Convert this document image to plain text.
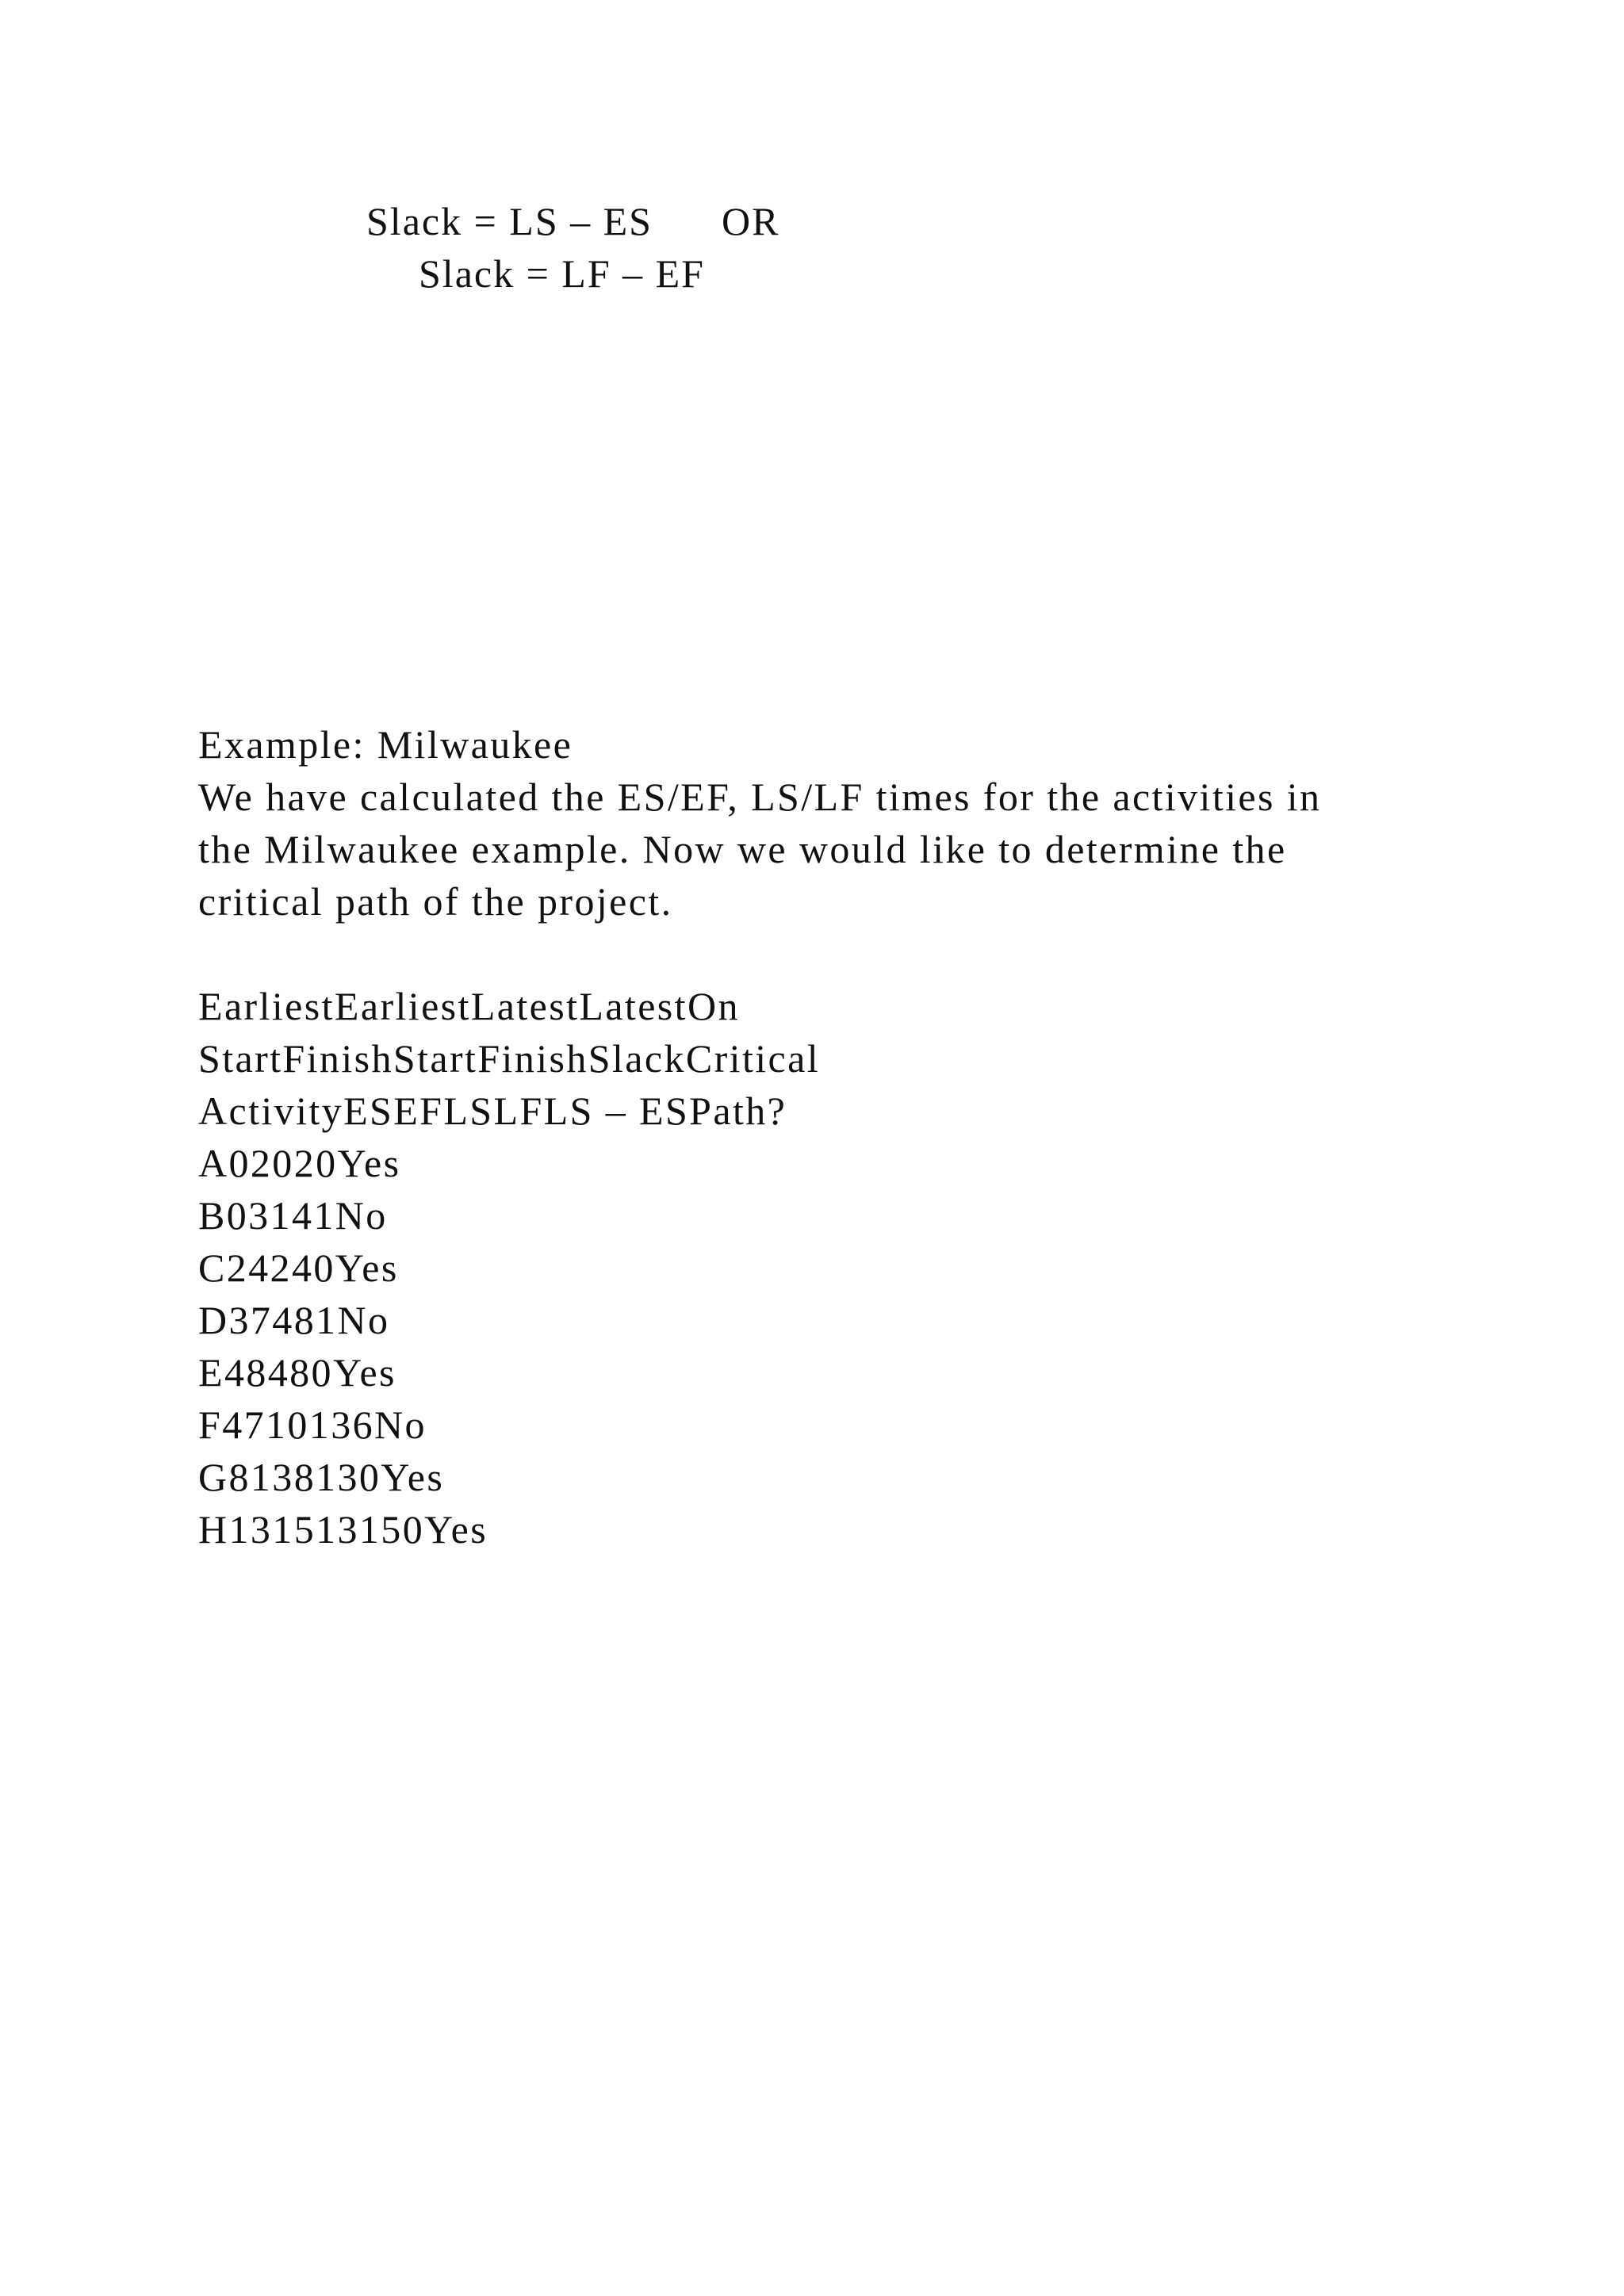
Slack = LS – ES      OR
Slack = LF – EF
Example: Milwaukee
We have calculated the ES/EF, LS/LF times for the activities in
the Milwaukee example. Now we would like to determine the
critical path of the project.
EarliestEarliestLatestLatestOn
StartFinishStartFinishSlackCritical
ActivityESEFLSLFLS – ESPath?
A02020Yes
B03141No
C24240Yes
D37481No
E48480Yes
F4710136No
G8138130Yes
H131513150Yes
